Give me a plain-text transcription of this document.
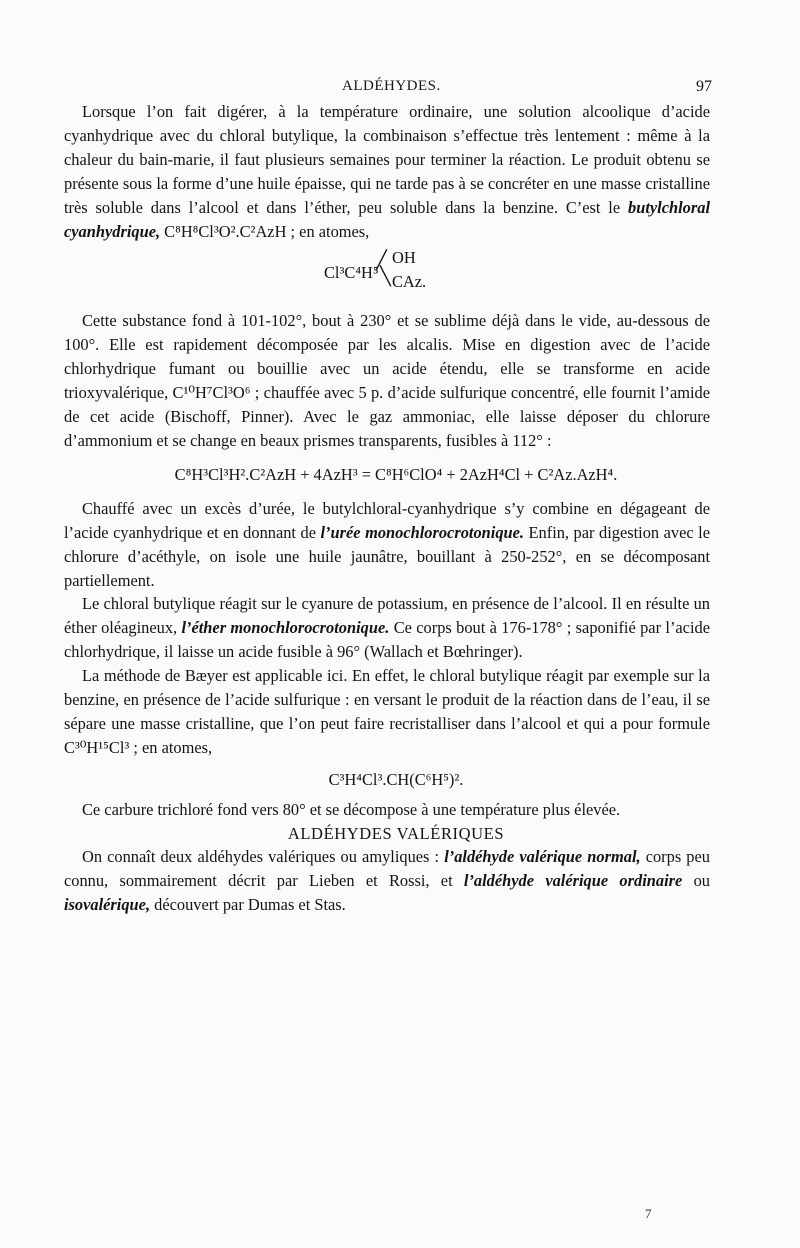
ALDÉHYDES.	97

Lorsque l’on fait digérer, à la température ordinaire, une solution alcoolique d’acide cyanhydrique avec du chloral butylique, la combinaison s’effectue très lentement : même à la chaleur du bain-marie, il faut plusieurs semaines pour terminer la réaction. Le produit obtenu se présente sous la forme d’une huile épaisse, qui ne tarde pas à se concréter en une masse cristalline très soluble dans l’alcool et dans l’éther, peu soluble dans la benzine. C’est le butylchloral cyanhydrique, C⁸H⁸Cl³O².C²AzH ; en atomes,

Cl³C⁴H⁵
╱
╲
OH
CAz.

Cette substance fond à 101-102°, bout à 230° et se sublime déjà dans le vide, au-dessous de 100°. Elle est rapidement décomposée par les alcalis. Mise en digestion avec de l’acide chlorhydrique fumant ou bouillie avec un acide étendu, elle se transforme en acide trioxyvalérique, C¹⁰H⁷Cl³O⁶ ; chauffée avec 5 p. d’acide sulfurique concentré, elle fournit l’amide de cet acide (Bischoff, Pinner). Avec le gaz ammoniac, elle laisse déposer du chlorure d’ammonium et se change en beaux prismes transparents, fusibles à 112° :

C⁸H³Cl³H².C²AzH + 4AzH³ = C⁸H⁶ClO⁴ + 2AzH⁴Cl + C²Az.AzH⁴.

Chauffé avec un excès d’urée, le butylchloral-cyanhydrique s’y combine en dégageant de l’acide cyanhydrique et en donnant de l’urée monochlorocrotonique. Enfin, par digestion avec le chlorure d’acéthyle, on isole une huile jaunâtre, bouillant à 250-252°, en se décomposant partiellement.

Le chloral butylique réagit sur le cyanure de potassium, en présence de l’alcool. Il en résulte un éther oléagineux, l’éther monochlorocrotonique. Ce corps bout à 176-178° ; saponifié par l’acide chlorhydrique, il laisse un acide fusible à 96° (Wallach et Bœhringer).

La méthode de Bæyer est applicable ici. En effet, le chloral butylique réagit par exemple sur la benzine, en présence de l’acide sulfurique : en versant le produit de la réaction dans de l’eau, il se sépare une masse cristalline, que l’on peut faire recristalliser dans l’alcool et qui a pour formule C³⁰H¹⁵Cl³ ; en atomes,

C³H⁴Cl³.CH(C⁶H⁵)².

Ce carbure trichloré fond vers 80° et se décompose à une température plus élevée.

ALDÉHYDES VALÉRIQUES

On connaît deux aldéhydes valériques ou amyliques : l’aldéhyde valérique normal, corps peu connu, sommairement décrit par Lieben et Rossi, et l’aldéhyde valérique ordinaire ou isovalérique, découvert par Dumas et Stas.

7
